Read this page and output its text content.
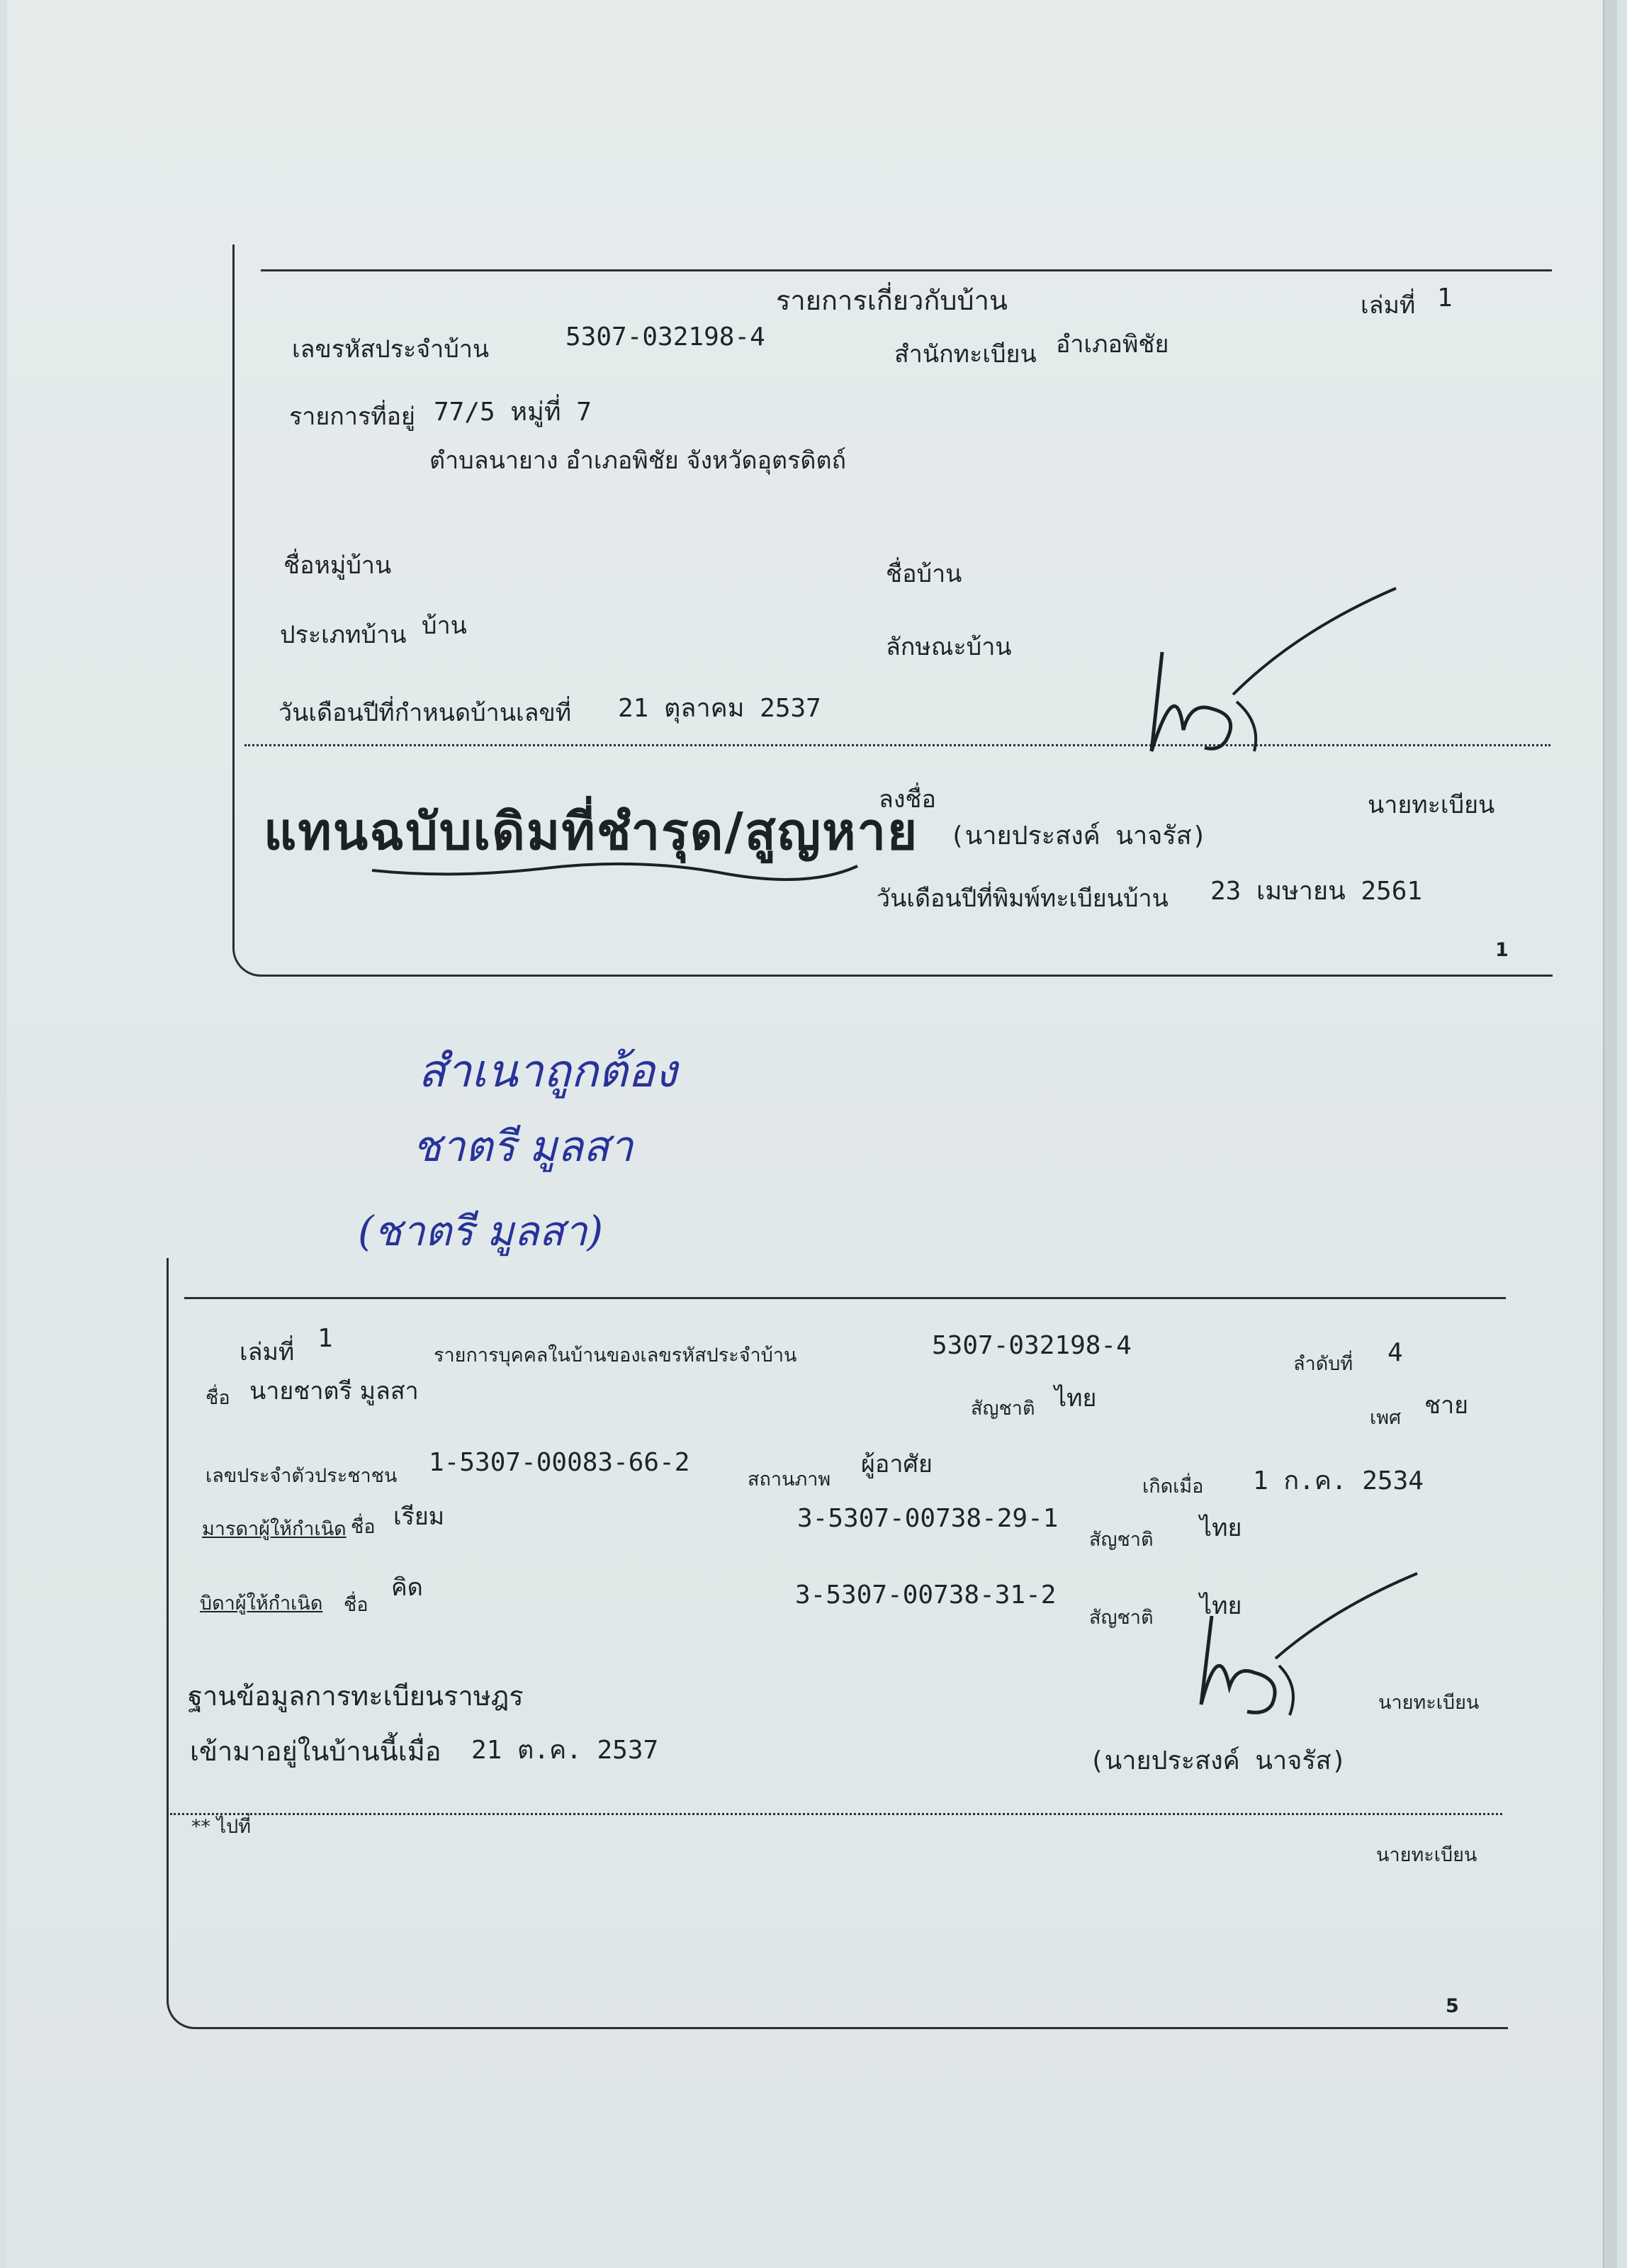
รายการเกี่ยวกับบ้าน	เล่มที่ 1
เลขรหัสประจำบ้าน	5307-032198-4
สำนักทะเบียน อำเภอพิชัย
รายการที่อยู่ 77/5 หมู่ที่ 7
ตำบลนายาง อำเภอพิชัย จังหวัดอุตรดิตถ์
ชื่อหมู่บ้าน	ชื่อบ้าน
ประเภทบ้าน บ้าน
ลักษณะบ้าน
วันเดือนปีที่กำหนดบ้านเลขที่ 21 ตุลาคม 2537
แทนฉบับเดิมที่ชำรุด/สูญหาย
ลงชื่อ	นายทะเบียน
(นายประสงค์ นาจรัส)
วันเดือนปีที่พิมพ์ทะเบียนบ้าน 23 เมษายน 2561
1
สำเนาถูกต้อง
ชาตรี มูลสา
(ชาตรี มูลสา)
เล่มที่ 1
รายการบุคคลในบ้านของเลขรหัสประจำบ้าน	5307-032198-4
ลำดับที่ 4
ชื่อ นายชาตรี มูลสา
สัญชาติ ไทย
เพศ ชาย
เลขประจำตัวประชาชน 1-5307-00083-66-2
สถานภาพ
ผู้อาศัย
เกิดเมื่อ 1 ก.ค. 2534
มารดาผู้ให้กำเนิด ชื่อ เรียม	3-5307-00738-29-1
สัญชาติ ไทย
บิดาผู้ให้กำเนิด ชื่อ
คิด	3-5307-00738-31-2
สัญชาติ ไทย
ฐานข้อมูลการทะเบียนราษฎร	นายทะเบียน
เข้ามาอยู่ในบ้านนี้เมื่อ 21 ต.ค. 2537	(นายประสงค์ นาจรัส)
** ไปที่
นายทะเบียน
5
